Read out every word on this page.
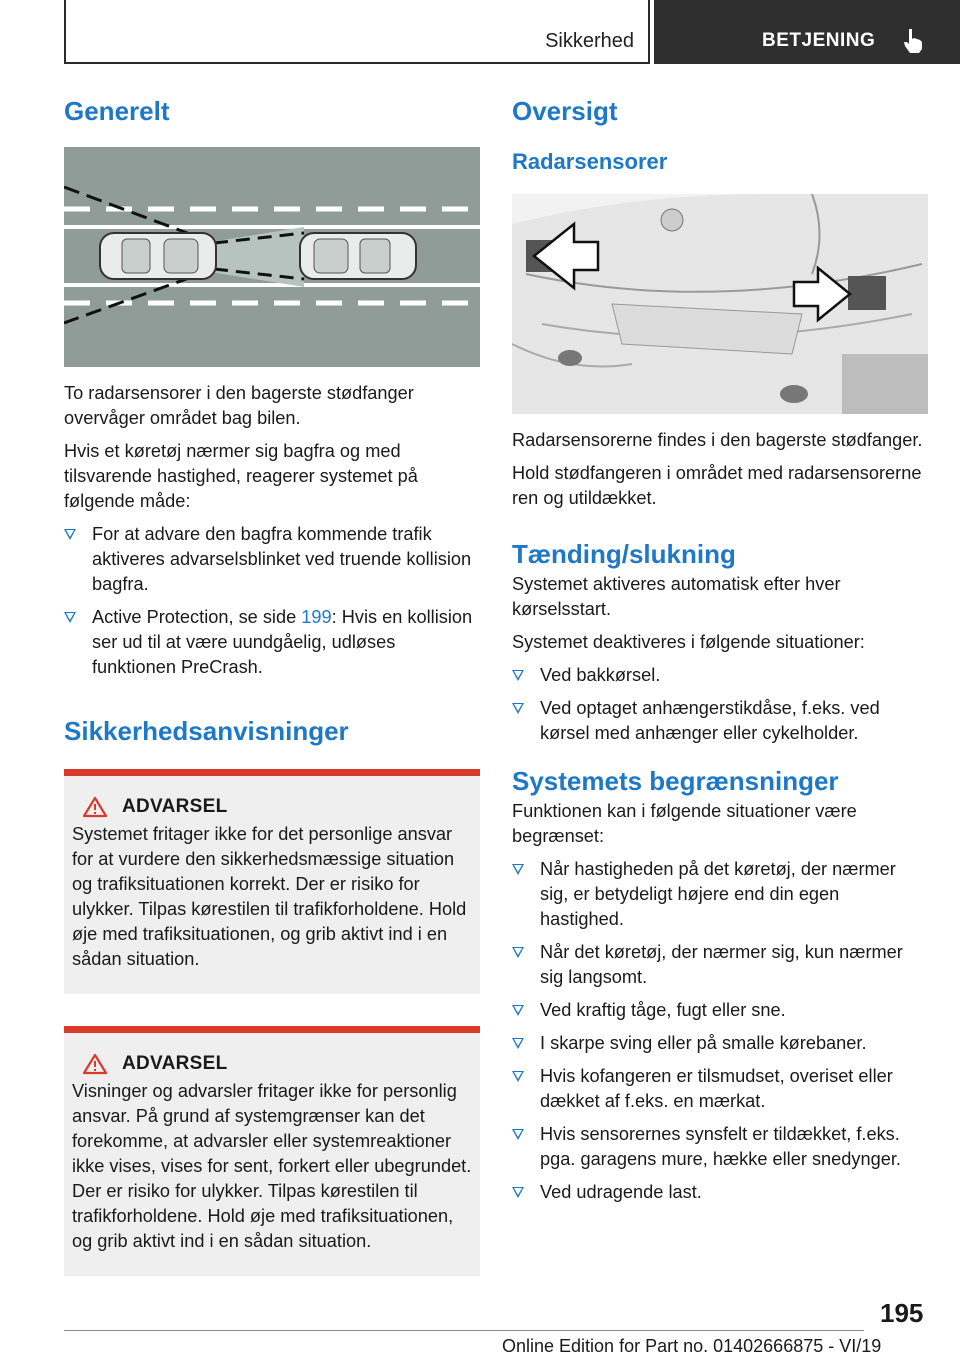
Sikkerhed	BETJENING
Generelt

To radarsensorer i den bagerste stødfanger overvåger området bag bilen.

Hvis et køretøj nærmer sig bagfra og med tilsvarende hastighed, reagerer systemet på følgende måde:

For at advare den bagfra kommende trafik aktiveres advarselsblinket ved truende kollision bagfra.
Active Protection, se side 199: Hvis en kollision ser ud til at være uundgåelig, udløses funktionen PreCrash.
Sikkerhedsanvisninger
ADVARSEL

Systemet fritager ikke for det personlige ansvar for at vurdere den sikkerhedsmæssige situation og trafiksituationen korrekt. Der er risiko for ulykker. Tilpas kørestilen til trafikforholdene. Hold øje med trafiksituationen, og grib aktivt ind i en sådan situation.

ADVARSEL

Visninger og advarsler fritager ikke for personlig ansvar. På grund af systemgrænser kan det forekomme, at advarsler eller systemreaktioner ikke vises, vises for sent, forkert eller ubegrundet. Der er risiko for ulykker. Tilpas kørestilen til trafikforholdene. Hold øje med trafiksituationen, og grib aktivt ind i en sådan situation.

Oversigt
Radarsensorer

Radarsensorerne findes i den bagerste stødfanger.

Hold stødfangeren i området med radarsensorerne ren og utildækket.

Tænding/slukning

Systemet aktiveres automatisk efter hver kørselsstart.

Systemet deaktiveres i følgende situationer:

Ved bakkørsel.
Ved optaget anhængerstikdåse, f.eks. ved kørsel med anhænger eller cykelholder.
Systemets begrænsninger

Funktionen kan i følgende situationer være begrænset:

Når hastigheden på det køretøj, der nærmer sig, er betydeligt højere end din egen hastighed.
Når det køretøj, der nærmer sig, kun nærmer sig langsomt.
Ved kraftig tåge, fugt eller sne.
I skarpe sving eller på smalle kørebaner.
Hvis kofangeren er tilsmudset, overiset eller dækket af f.eks. en mærkat.
Hvis sensorernes synsfelt er tildækket, f.eks. pga. garagens mure, hække eller snedynger.
Ved udragende last.
195
Online Edition for Part no. 01402666875 - VI/19
